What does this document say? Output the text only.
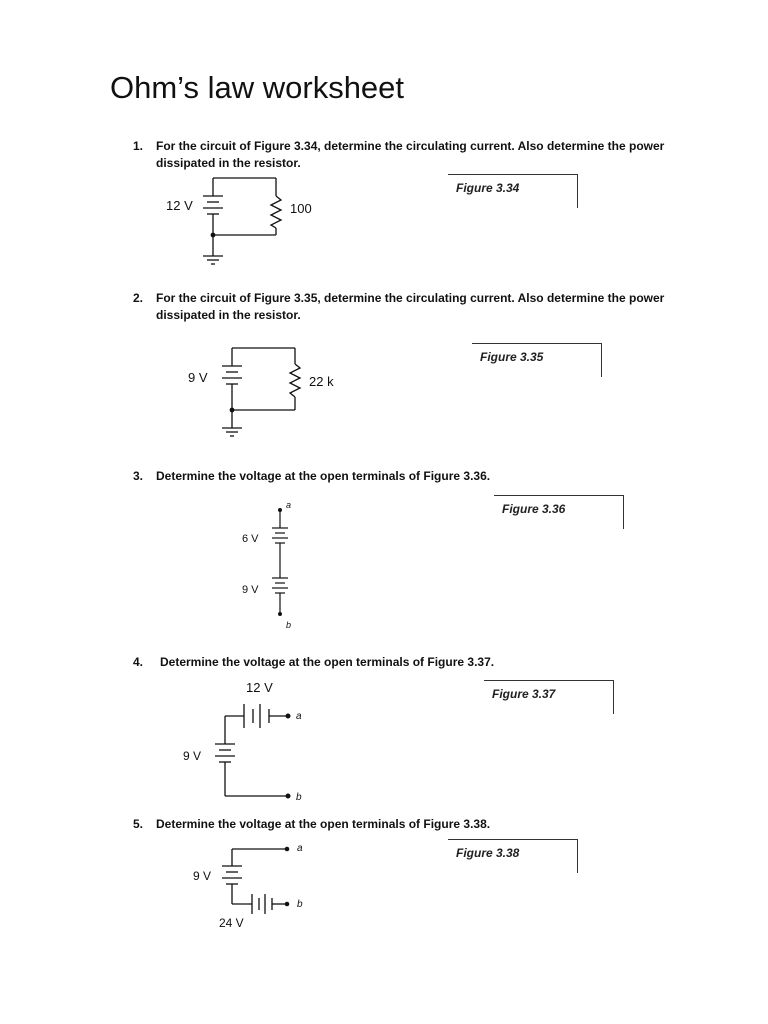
Ohm’s law worksheet
1. For the circuit of Figure 3.34, determine the circulating current. Also determine the power dissipated in the resistor.
12 V	100
Figure 3.34
2. For the circuit of Figure 3.35, determine the circulating current. Also determine the power dissipated in the resistor.
9 V	22 k
Figure 3.35
3. Determine the voltage at the open terminals of Figure 3.36.
a
b
6 V
9 V
Figure 3.36
4. Determine the voltage at the open terminals of Figure 3.37.
12 V
9 V
a
b
Figure 3.37
5. Determine the voltage at the open terminals of Figure 3.38.
9 V
24 V
a
b
Figure 3.38
